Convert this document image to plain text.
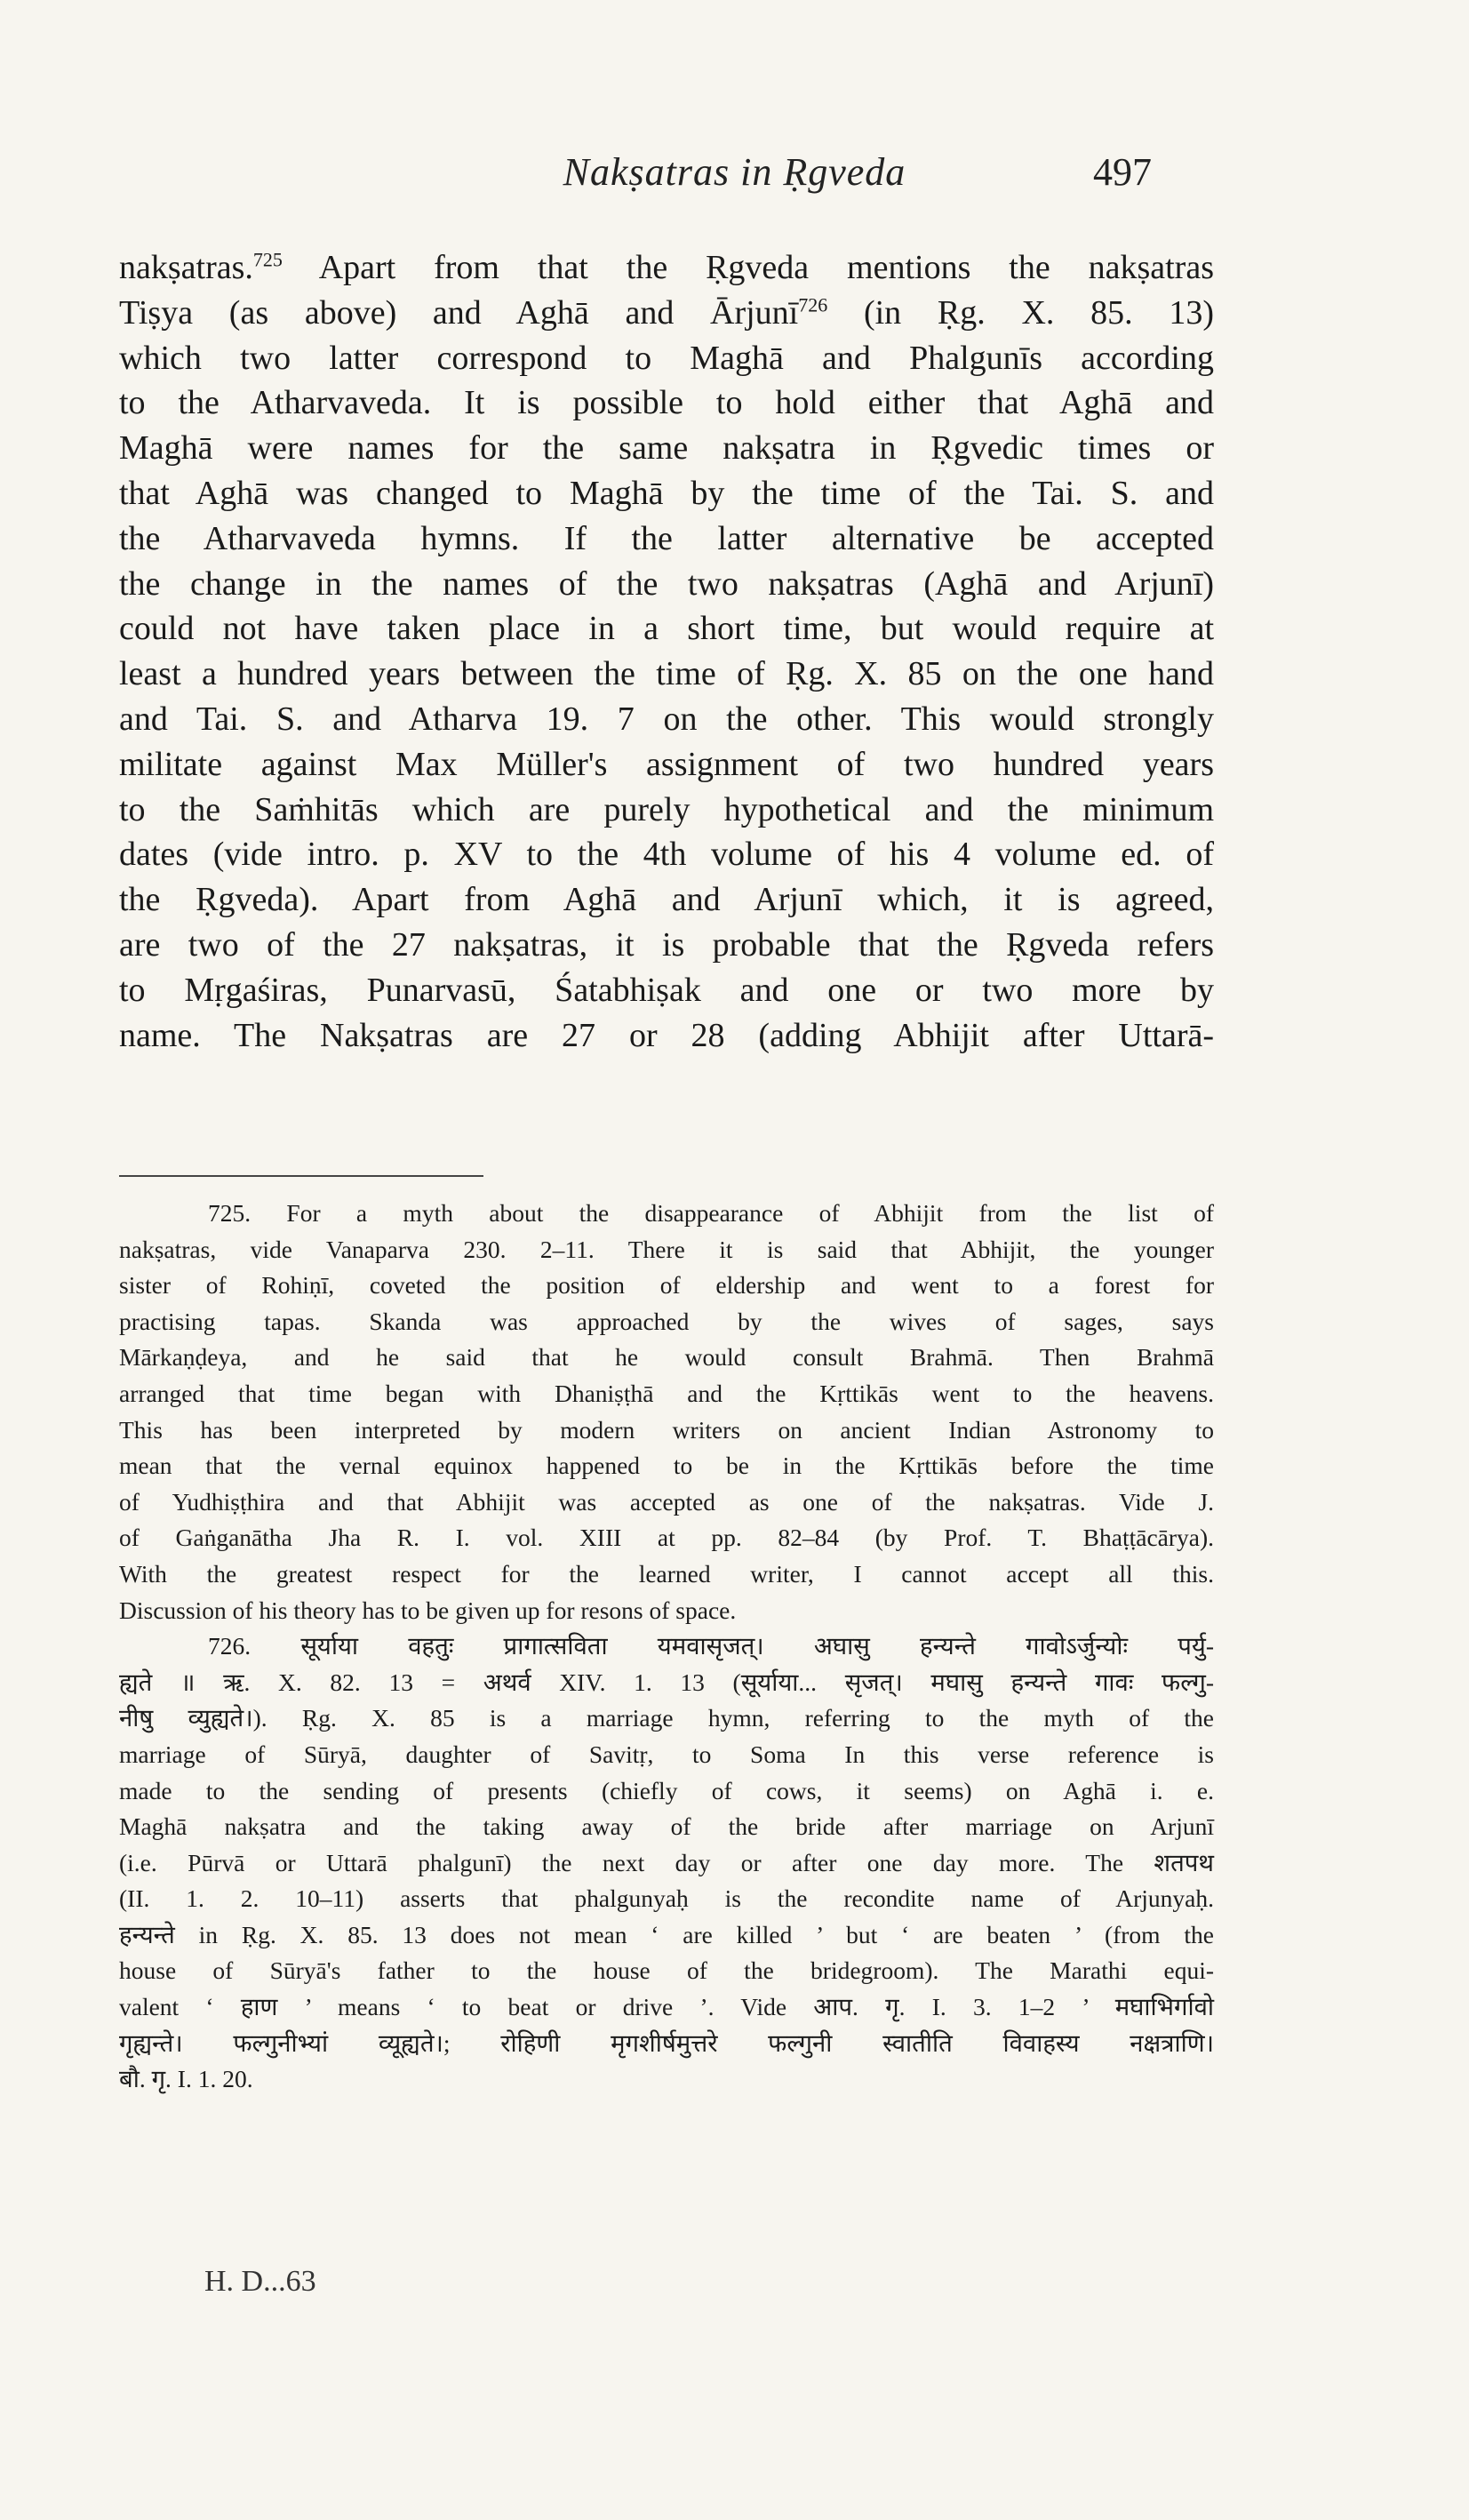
Nakṣatras in Ṛgveda	497
nakṣatras.$^{725}$ Apart from that the Ṛgveda mentions the nakṣatras
Tiṣya (as above) and Aghā and Ārjunī$^{726}$ (in Ṛg. X. 85. 13)
which two latter correspond to Maghā and Phalgunīs according
to the Atharvaveda. It is possible to hold either that Aghā and
Maghā were names for the same nakṣatra in Ṛgvedic times or
that Aghā was changed to Maghā by the time of the Tai. S. and
the Atharvaveda hymns. If the latter alternative be accepted
the change in the names of the two nakṣatras (Aghā and Arjunī)
could not have taken place in a short time, but would require at
least a hundred years between the time of Ṛg. X. 85 on the one hand
and Tai. S. and Atharva 19. 7 on the other. This would strongly
militate against Max Müller's assignment of two hundred years
to the Saṁhitās which are purely hypothetical and the minimum
dates (vide intro. p. XV to the 4th volume of his 4 volume ed. of
the Ṛgveda). Apart from Aghā and Arjunī which, it is agreed,
are two of the 27 nakṣatras, it is probable that the Ṛgveda refers
to Mṛgaśiras, Punarvasū, Śatabhiṣak and one or two more by
name. The Nakṣatras are 27 or 28 (adding Abhijit after Uttarā-
725. For a myth about the disappearance of Abhijit from the list of
nakṣatras, vide Vanaparva 230. 2–11. There it is said that Abhijit, the younger
sister of Rohiṇī, coveted the position of eldership and went to a forest for
practising tapas. Skanda was approached by the wives of sages, says
Mārkaṇḍeya, and he said that he would consult Brahmā. Then Brahmā
arranged that time began with Dhaniṣṭhā and the Kṛttikās went to the heavens.
This has been interpreted by modern writers on ancient Indian Astronomy to
mean that the vernal equinox happened to be in the Kṛttikās before the time
of Yudhiṣṭhira and that Abhijit was accepted as one of the nakṣatras. Vide J.
of Gaṅganātha Jha R. I. vol. XIII at pp. 82–84 (by Prof. T. Bhaṭṭācārya).
With the greatest respect for the learned writer, I cannot accept all this.
Discussion of his theory has to be given up for resons of space.
726. सूर्याया वहतुः प्रागात्सविता यमवासृजत्। अघासु हन्यन्ते गावोऽर्जुन्योः पर्यु-
ह्यते ॥ ऋ. X. 82. 13 = अथर्व XIV. 1. 13 (सूर्याया... सृजत्। मघासु हन्यन्ते गावः फल्गु-
नीषु व्युह्यते।). Ṛg. X. 85 is a marriage hymn, referring to the myth of the
marriage of Sūryā, daughter of Savitṛ, to Soma In this verse reference is
made to the sending of presents (chiefly of cows, it seems) on Aghā i. e.
Maghā nakṣatra and the taking away of the bride after marriage on Arjunī
(i.e. Pūrvā or Uttarā phalgunī) the next day or after one day more. The शतपथ
(II. 1. 2. 10–11) asserts that phalgunyaḥ is the recondite name of Arjunyaḥ.
हन्यन्ते in Ṛg. X. 85. 13 does not mean ‘ are killed ’ but ‘ are beaten ’ (from the
house of Sūryā's father to the house of the bridegroom). The Marathi equi-
valent ‘ हाण ’ means ‘ to beat or drive ’. Vide आप. गृ. I. 3. 1–2 ’ मघाभिर्गावो
गृह्यन्ते। फल्गुनीभ्यां व्यूह्यते।; रोहिणी मृगशीर्षमुत्तरे फल्गुनी स्वातीति विवाहस्य नक्षत्राणि।
बौ. गृ. I. 1. 20.
H. D...63
